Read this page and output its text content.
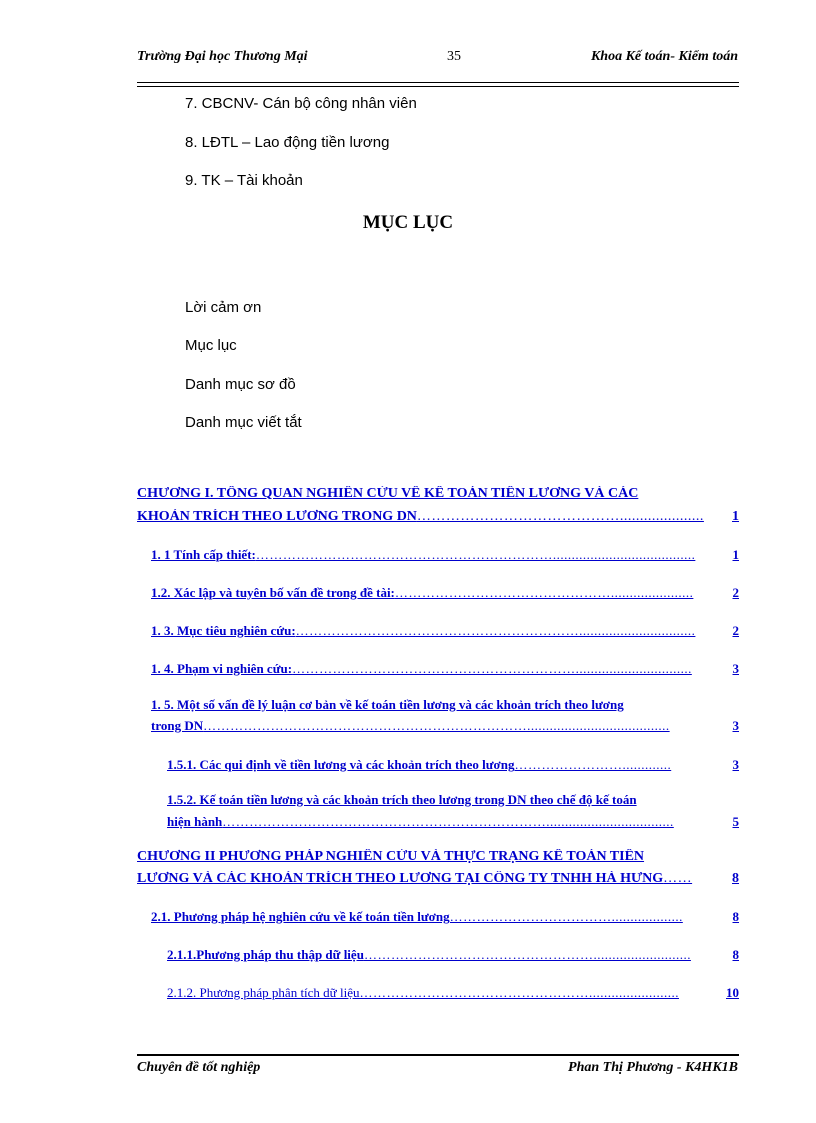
Trường Đại học Thương Mại	35	Khoa Kế toán- Kiểm toán
7. CBCNV- Cán bộ công nhân viên
8. LĐTL – Lao động tiền lương
9. TK – Tài khoản
MỤC LỤC
Lời cảm ơn
Mục lục
Danh mục sơ đồ
Danh mục viết tắt
CHƯƠNG I. TỔNG QUAN NGHIÊN CỨU VỀ KẾ TOÁN TIỀN LƯƠNG VÀ CÁC
KHOẢN TRÍCH THEO LƯƠNG TRONG DN …………………………………….....................	1
1. 1 Tính cấp thiết: …………………………………………………………......................................	1
1.2. Xác lập và tuyên bố vấn đề trong đề tài: …………………………………………......................	2
1. 3. Mục tiêu nghiên cứu: ………………………………………………………...............................	2
1. 4. Phạm vi nghiên cứu: ………………………………………………………...............................	3
1. 5. Một số vấn đề lý luận cơ bản về kế toán tiền lương và các khoản trích theo lương
trong DN ………………………………………………………………......................................	3
1.5.1. Các qui định về tiền lương và các khoản trích theo lương …………………….............	3
1.5.2. Kế toán tiền lương và các khoản trích theo lương trong DN theo chế độ kế toán
hiện hành ………………………………………………………………..................................	5
CHƯƠNG II PHƯƠNG PHÁP NGHIÊN CỨU VÀ THỰC TRẠNG KẾ TOÁN TIỀN
LƯƠNG VÀ CÁC KHOẢN TRÍCH THEO LƯƠNG TẠI CÔNG TY TNHH HÀ HƯNG ……	8
2.1. Phương pháp hệ nghiên cứu về kế toán tiền lương ………………………………...................	8
2.1.1.Phương pháp thu thập dữ liệu ……………………………………………..........................	8
2.1.2. Phương pháp phân tích dữ liệu ……………………………………………........................	10
Chuyên đề tốt nghiệp	Phan Thị Phương - K4HK1B
